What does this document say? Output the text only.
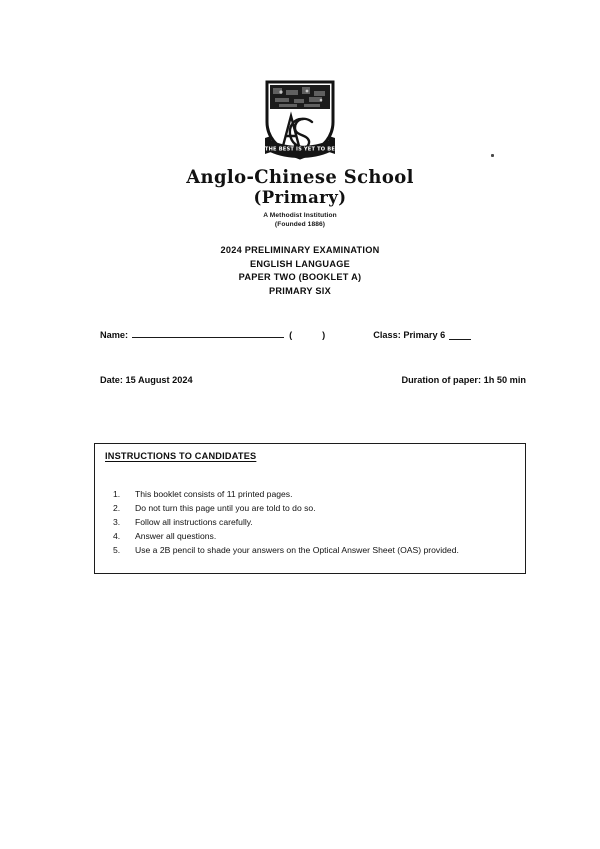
THE BEST IS YET TO BE
Anglo-Chinese School
(Primary)
A Methodist Institution
(Founded 1886)
2024 PRELIMINARY EXAMINATION
ENGLISH LANGUAGE
PAPER TWO (BOOKLET A)
PRIMARY SIX
Name:	(	)	Class: Primary 6
Date: 15 August 2024	Duration of paper: 1h 50 min
INSTRUCTIONS TO CANDIDATES
1.	This booklet consists of 11 printed pages.
2.	Do not turn this page until you are told to do so.
3.	Follow all instructions carefully.
4.	Answer all questions.
5.	Use a 2B pencil to shade your answers on the Optical Answer Sheet (OAS) provided.
